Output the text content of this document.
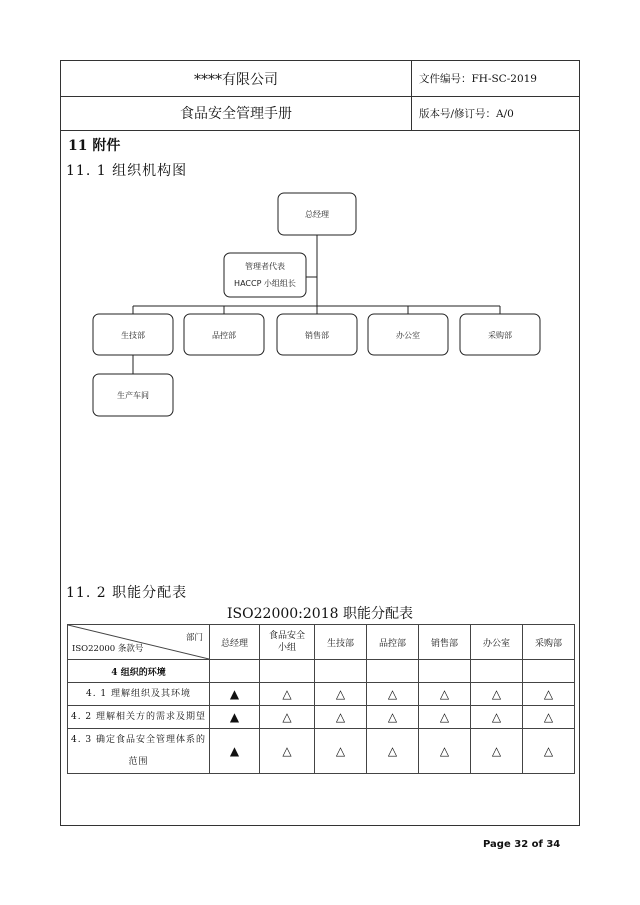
****有限公司	文件编号：FH-SC-2019
食品安全管理手册	版本号/修订号：A/0
11 附件
11. 1 组织机构图
总经理
管理者代表
HACCP 小组组长
生技部	品控部	销售部	办公室	采购部
生产车间
11. 2 职能分配表
ISO22000:2018 职能分配表
部门
ISO22000 条款号	总经理	食品安全小组	生技部	品控部	销售部	办公室	采购部
4 组织的环境							
4. 1 理解组织及其环境	▲	△	△	△	△	△	△
4. 2 理解相关方的需求及期望	▲	△	△	△	△	△	△
4. 3 确定食品安全管理体系的范围	▲	△	△	△	△	△	△
Page 32 of 34
